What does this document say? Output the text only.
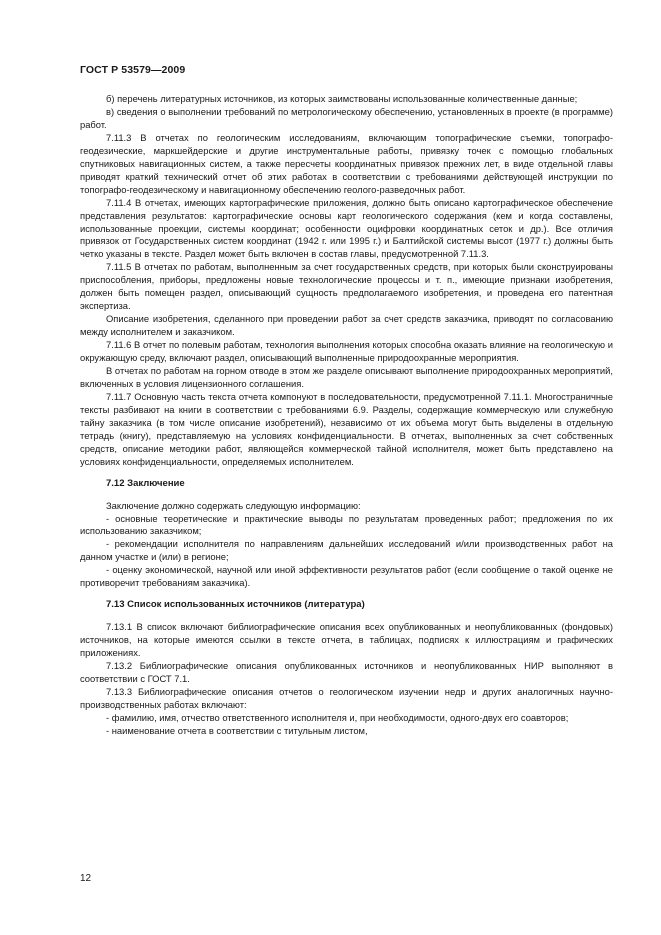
ГОСТ Р 53579—2009

б) перечень литературных источников, из которых заимствованы использованные количественные данные;

в) сведения о выполнении требований по метрологическому обеспечению, установленных в проекте (в программе) работ.

7.11.3 В отчетах по геологическим исследованиям, включающим топографические съемки, топографо-геодезические, маркшейдерские и другие инструментальные работы, привязку точек с помощью глобальных спутниковых навигационных систем, а также пересчеты координатных привязок прежних лет, в виде отдельной главы приводят краткий технический отчет об этих работах в соответствии с требованиями действующей инструкции по топографо-геодезическому и навигационному обеспечению геолого-разведочных работ.

7.11.4 В отчетах, имеющих картографические приложения, должно быть описано картографическое обеспечение представления результатов: картографические основы карт геологического содержания (кем и когда составлены, использованные проекции, системы координат; особенности оцифровки координатных сеток и др.). Все отличия привязок от Государственных систем координат (1942 г. или 1995 г.) и Балтийской системы высот (1977 г.) должны быть четко указаны в тексте. Раздел может быть включен в состав главы, предусмотренной 7.11.3.

7.11.5 В отчетах по работам, выполненным за счет государственных средств, при которых были сконструированы приспособления, приборы, предложены новые технологические процессы и т. п., имеющие признаки изобретения, должен быть помещен раздел, описывающий сущность предполагаемого изобретения, и проведена его патентная экспертиза.

Описание изобретения, сделанного при проведении работ за счет средств заказчика, приводят по согласованию между исполнителем и заказчиком.

7.11.6 В отчет по полевым работам, технология выполнения которых способна оказать влияние на геологическую и окружающую среду, включают раздел, описывающий выполненные природоохранные мероприятия.

В отчетах по работам на горном отводе в этом же разделе описывают выполнение природоохранных мероприятий, включенных в условия лицензионного соглашения.

7.11.7 Основную часть текста отчета компонуют в последовательности, предусмотренной 7.11.1. Многостраничные тексты разбивают на книги в соответствии с требованиями 6.9. Разделы, содержащие коммерческую или служебную тайну заказчика (в том числе описание изобретений), независимо от их объема могут быть выделены в отдельную тетрадь (книгу), представляемую на условиях конфиденциальности. В отчетах, выполненных за счет собственных средств, описание методики работ, являющейся коммерческой тайной исполнителя, может быть представлено на условиях конфиденциальности, определяемых исполнителем.

7.12 Заключение

Заключение должно содержать следующую информацию:

- основные теоретические и практические выводы по результатам проведенных работ; предложения по их использованию заказчиком;

- рекомендации исполнителя по направлениям дальнейших исследований и/или производственных работ на данном участке и (или) в регионе;

- оценку экономической, научной или иной эффективности результатов работ (если сообщение о такой оценке не противоречит требованиям заказчика).

7.13 Список использованных источников (литература)

7.13.1 В список включают библиографические описания всех опубликованных и неопубликованных (фондовых) источников, на которые имеются ссылки в тексте отчета, в таблицах, подписях к иллюстрациям и графических приложениях.

7.13.2 Библиографические описания опубликованных источников и неопубликованных НИР выполняют в соответствии с ГОСТ 7.1.

7.13.3 Библиографические описания отчетов о геологическом изучении недр и других аналогичных научно-производственных работах включают:

- фамилию, имя, отчество ответственного исполнителя и, при необходимости, одного-двух его соавторов;

- наименование отчета в соответствии с титульным листом,

12
